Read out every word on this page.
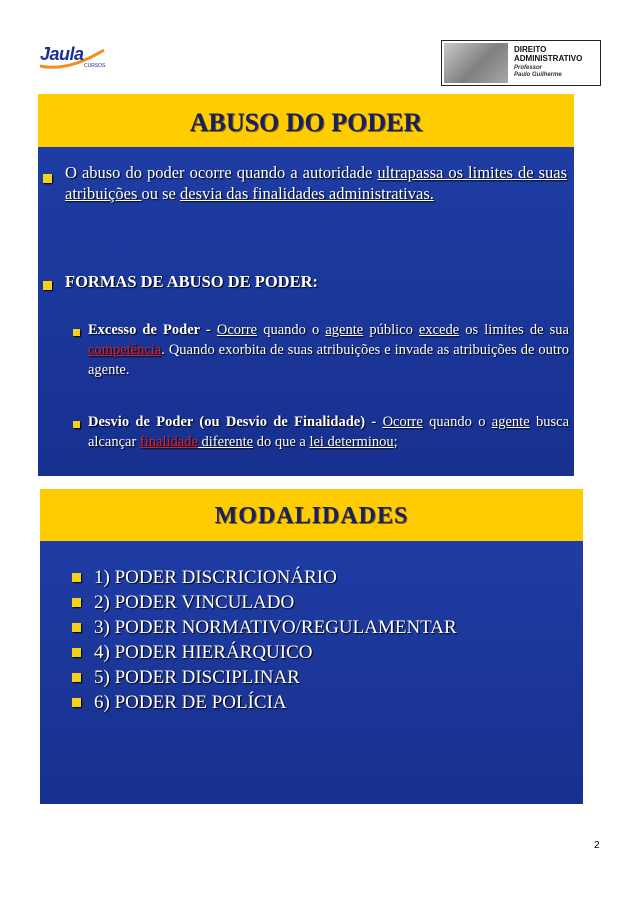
Jaula
CURSOS
DIREITO
ADMINISTRATIVO
Professor
Paulo Guilherme
ABUSO DO PODER
O abuso do poder ocorre quando a autoridade ultrapassa os limites de suas atribuições ou se desvia das finalidades administrativas.
FORMAS DE ABUSO DE PODER:
Excesso de Poder - Ocorre quando o agente público excede os limites de sua competência. Quando exorbita de suas atribuições e invade as atribuições de outro agente.
Desvio de Poder (ou Desvio de Finalidade) - Ocorre quando o agente busca alcançar finalidade diferente do que a lei determinou;
MODALIDADES
1) PODER DISCRICIONÁRIO
2) PODER VINCULADO
3) PODER NORMATIVO/REGULAMENTAR
4) PODER HIERÁRQUICO
5) PODER DISCIPLINAR
6) PODER DE POLÍCIA
2
